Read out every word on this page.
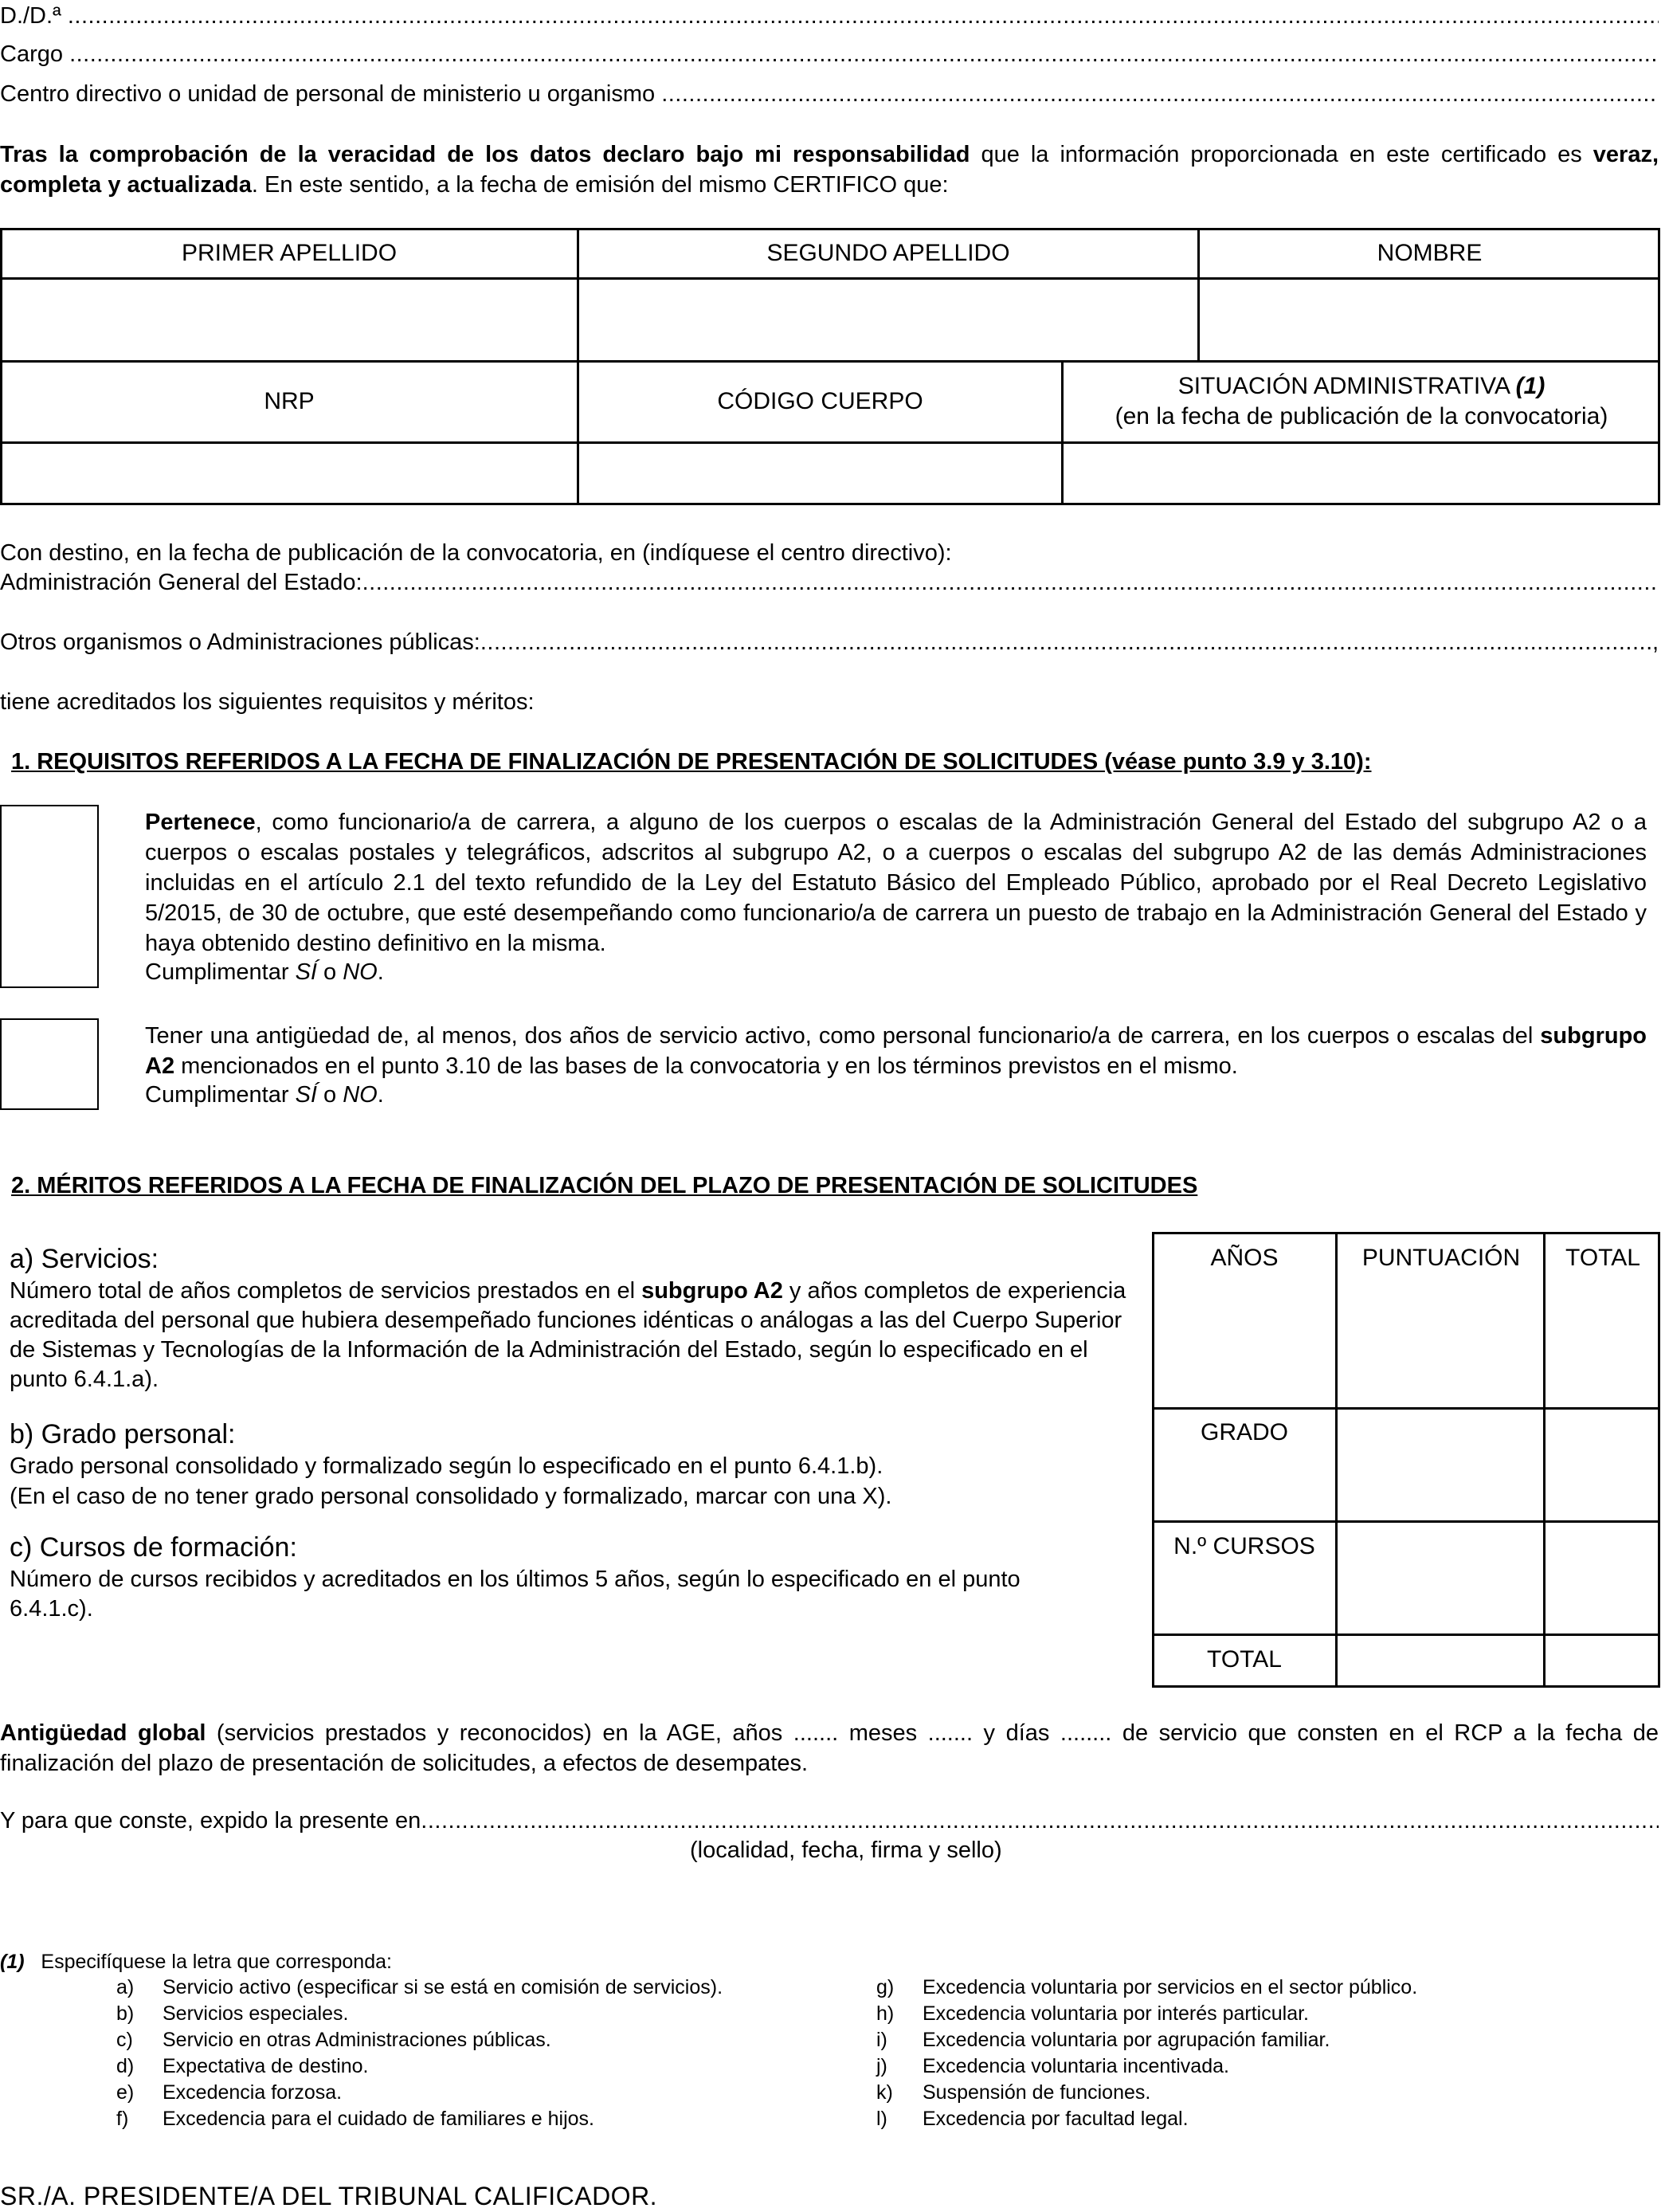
D./D.ª

.....
Cargo

.....
Centro directivo o unidad de personal de ministerio u organismo

.....
Tras la comprobación de la veracidad de los datos declaro bajo mi responsabilidad que la información proporcionada en este certificado es veraz, completa y actualizada. En este sentido, a la fecha de emisión del mismo CERTIFICO que:
PRIMER APELLIDO	SEGUNDO APELLIDO	NOMBRE
NRP	CÓDIGO CUERPO
SITUACIÓN ADMINISTRATIVA (1)
(en la fecha de publicación de la convocatoria)
Con destino, en la fecha de publicación de la convocatoria, en (indíquese el centro directivo):
Administración General del Estado:
.....
Otros organismos o Administraciones públicas:
.....	,
tiene acreditados los siguientes requisitos y méritos:
1. REQUISITOS REFERIDOS A LA FECHA DE FINALIZACIÓN DE PRESENTACIÓN DE SOLICITUDES (véase punto 3.9 y 3.10):
Pertenece, como funcionario/a de carrera, a alguno de los cuerpos o escalas de la Administración General del Estado del subgrupo A2 o a cuerpos o escalas postales y telegráficos, adscritos al subgrupo A2, o a cuerpos o escalas del subgrupo A2 de las demás Administraciones incluidas en el artículo 2.1 del texto refundido de la Ley del Estatuto Básico del Empleado Público, aprobado por el Real Decreto Legislativo 5/2015, de 30 de octubre, que esté desempeñando como funcionario/a de carrera un puesto de trabajo en la Administración General del Estado y haya obtenido destino definitivo en la misma.
Cumplimentar SÍ o NO.
Tener una antigüedad de, al menos, dos años de servicio activo, como personal funcionario/a de carrera, en los cuerpos o escalas del subgrupo A2 mencionados en el punto 3.10 de las bases de la convocatoria y en los términos previstos en el mismo.
Cumplimentar SÍ o NO.
2. MÉRITOS REFERIDOS A LA FECHA DE FINALIZACIÓN DEL PLAZO DE PRESENTACIÓN DE SOLICITUDES
a) Servicios:
Número total de años completos de servicios prestados en el subgrupo A2 y años completos de experiencia acreditada del personal que hubiera desempeñado funciones idénticas o análogas a las del Cuerpo Superior de Sistemas y Tecnologías de la Información de la Administración del Estado, según lo especificado en el punto 6.4.1.a).
b) Grado personal:
Grado personal consolidado y formalizado según lo especificado en el punto 6.4.1.b).
(En el caso de no tener grado personal consolidado y formalizado, marcar con una X).
c) Cursos de formación:
Número de cursos recibidos y acreditados en los últimos 5 años, según lo especificado en el punto 6.4.1.c).
AÑOS	PUNTUACIÓN	TOTAL
GRADO
N.º CURSOS
TOTAL
Antigüedad global (servicios prestados y reconocidos) en la AGE, años ....... meses ....... y días ........ de servicio que consten en el RCP a la fecha de finalización del plazo de presentación de solicitudes, a efectos de desempates.
Y para que conste, expido la presente en
.....
(localidad, fecha, firma y sello)
(1) Especifíquese la letra que corresponda:
a) Servicio activo (especificar si se está en comisión de servicios).
b) Servicios especiales.
c) Servicio en otras Administraciones públicas.
d) Expectativa de destino.
e) Excedencia forzosa.
f) Excedencia para el cuidado de familiares e hijos.
g) Excedencia voluntaria por servicios en el sector público.
h) Excedencia voluntaria por interés particular.
i) Excedencia voluntaria por agrupación familiar.
j) Excedencia voluntaria incentivada.
k) Suspensión de funciones.
l) Excedencia por facultad legal.
SR./A. PRESIDENTE/A DEL TRIBUNAL CALIFICADOR.
